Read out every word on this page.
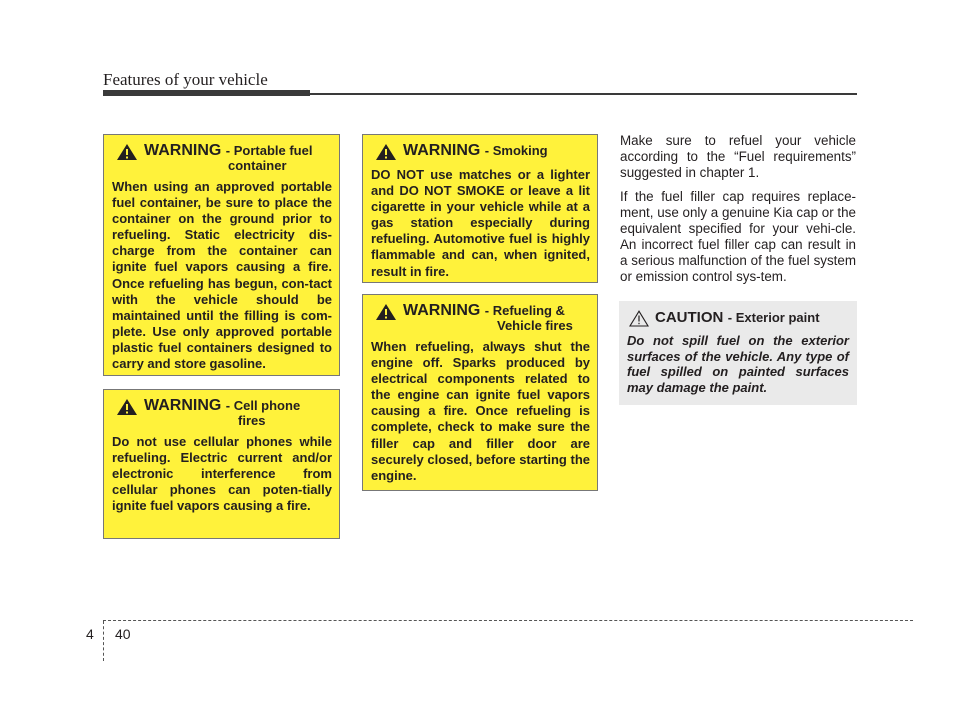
Features of your vehicle
WARNING - Portable fuel
container
When using an approved portable fuel container, be sure to place the container on the ground prior to refueling. Static electricity dis-charge from the container can ignite fuel vapors causing a fire. Once refueling has begun, con-tact with the vehicle should be maintained until the filling is com-plete. Use only approved portable plastic fuel containers designed to carry and store gasoline.
WARNING - Cell phone
fires
Do not use cellular phones while refueling. Electric current and/or electronic interference from cellular phones can poten-tially ignite fuel vapors causing a fire.
WARNING - Smoking
DO NOT use matches or a lighter and DO NOT SMOKE or leave a lit cigarette in your vehicle while at a gas station especially during refueling. Automotive fuel is highly flammable and can, when ignited, result in fire.
WARNING - Refueling &
Vehicle fires
When refueling, always shut the engine off. Sparks produced by electrical components related to the engine can ignite fuel vapors causing a fire. Once refueling is complete, check to make sure the filler cap and filler door are securely closed, before starting the engine.

Make sure to refuel your vehicle according to the “Fuel requirements” suggested in chapter 1.

If the fuel filler cap requires replace-ment, use only a genuine Kia cap or the equivalent specified for your vehi-cle. An incorrect fuel filler cap can result in a serious malfunction of the fuel system or emission control sys-tem.

CAUTION - Exterior paint
Do not spill fuel on the exterior surfaces of the vehicle. Any type of fuel spilled on painted surfaces may damage the paint.
4 40
